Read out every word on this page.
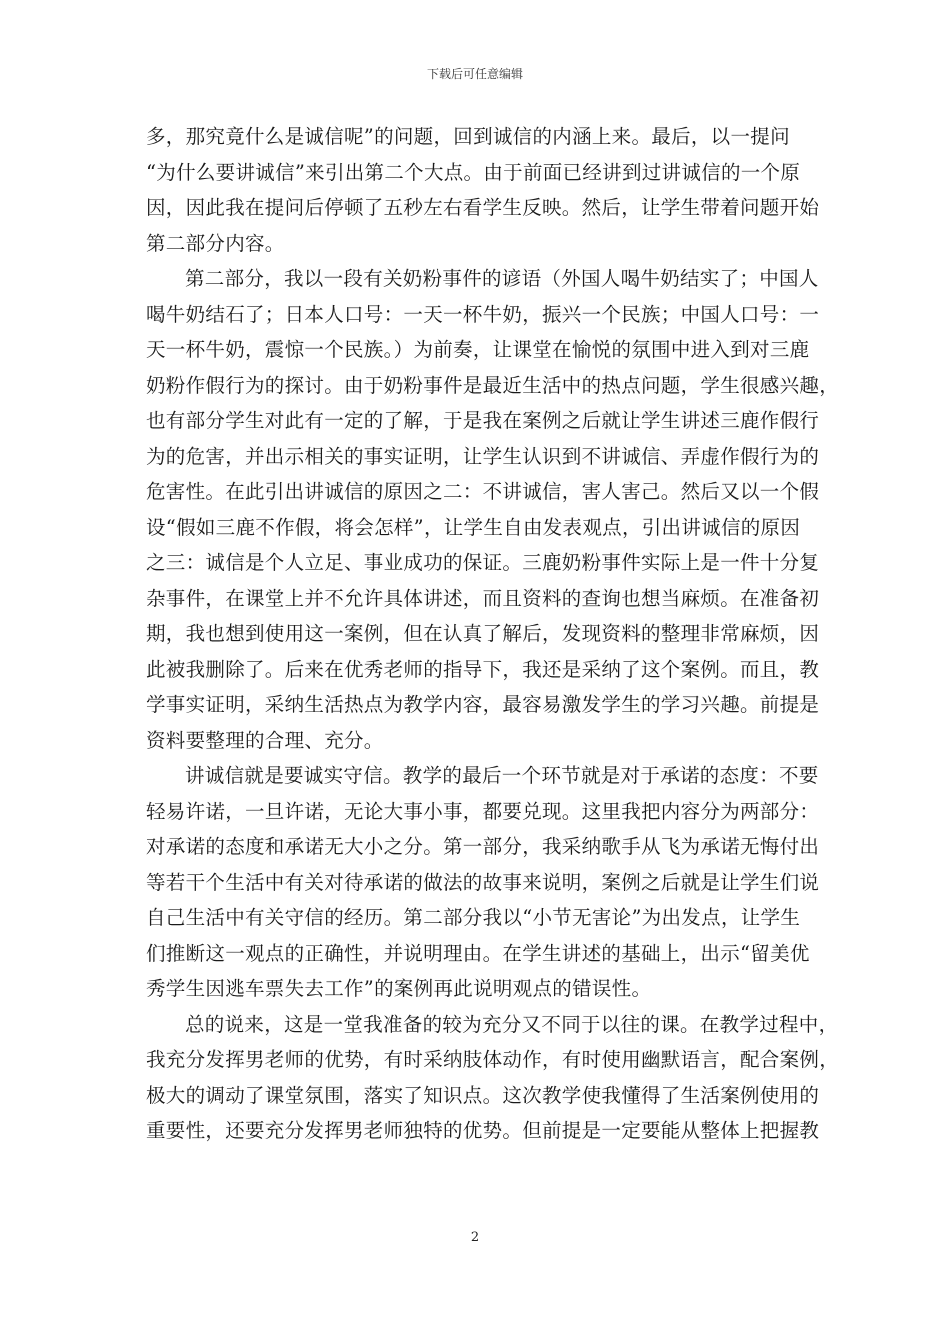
下载后可任意编辑

多，那究竟什么是诚信呢”的问题，回到诚信的内涵上来。最后，以一提问

“为什么要讲诚信”来引出第二个大点。由于前面已经讲到过讲诚信的一个原

因，因此我在提问后停顿了五秒左右看学生反映。然后，让学生带着问题开始

第二部分内容。

第二部分，我以一段有关奶粉事件的谚语（外国人喝牛奶结实了；中国人

喝牛奶结石了；日本人口号：一天一杯牛奶，振兴一个民族；中国人口号：一

天一杯牛奶，震惊一个民族。）为前奏，让课堂在愉悦的氛围中进入到对三鹿

奶粉作假行为的探讨。由于奶粉事件是最近生活中的热点问题，学生很感兴趣，

也有部分学生对此有一定的了解，于是我在案例之后就让学生讲述三鹿作假行

为的危害，并出示相关的事实证明，让学生认识到不讲诚信、弄虚作假行为的

危害性。在此引出讲诚信的原因之二：不讲诚信，害人害己。然后又以一个假

设“假如三鹿不作假，将会怎样”，让学生自由发表观点，引出讲诚信的原因

之三：诚信是个人立足、事业成功的保证。三鹿奶粉事件实际上是一件十分复

杂事件，在课堂上并不允许具体讲述，而且资料的查询也想当麻烦。在准备初

期，我也想到使用这一案例，但在认真了解后，发现资料的整理非常麻烦，因

此被我删除了。后来在优秀老师的指导下，我还是采纳了这个案例。而且，教

学事实证明，采纳生活热点为教学内容，最容易激发学生的学习兴趣。前提是

资料要整理的合理、充分。

讲诚信就是要诚实守信。教学的最后一个环节就是对于承诺的态度：不要

轻易许诺，一旦许诺，无论大事小事，都要兑现。这里我把内容分为两部分：

对承诺的态度和承诺无大小之分。第一部分，我采纳歌手从飞为承诺无悔付出

等若干个生活中有关对待承诺的做法的故事来说明，案例之后就是让学生们说

自己生活中有关守信的经历。第二部分我以“小节无害论”为出发点，让学生

们推断这一观点的正确性，并说明理由。在学生讲述的基础上，出示“留美优

秀学生因逃车票失去工作”的案例再此说明观点的错误性。

总的说来，这是一堂我准备的较为充分又不同于以往的课。在教学过程中，

我充分发挥男老师的优势，有时采纳肢体动作，有时使用幽默语言，配合案例，

极大的调动了课堂氛围，落实了知识点。这次教学使我懂得了生活案例使用的

重要性，还要充分发挥男老师独特的优势。但前提是一定要能从整体上把握教

2
